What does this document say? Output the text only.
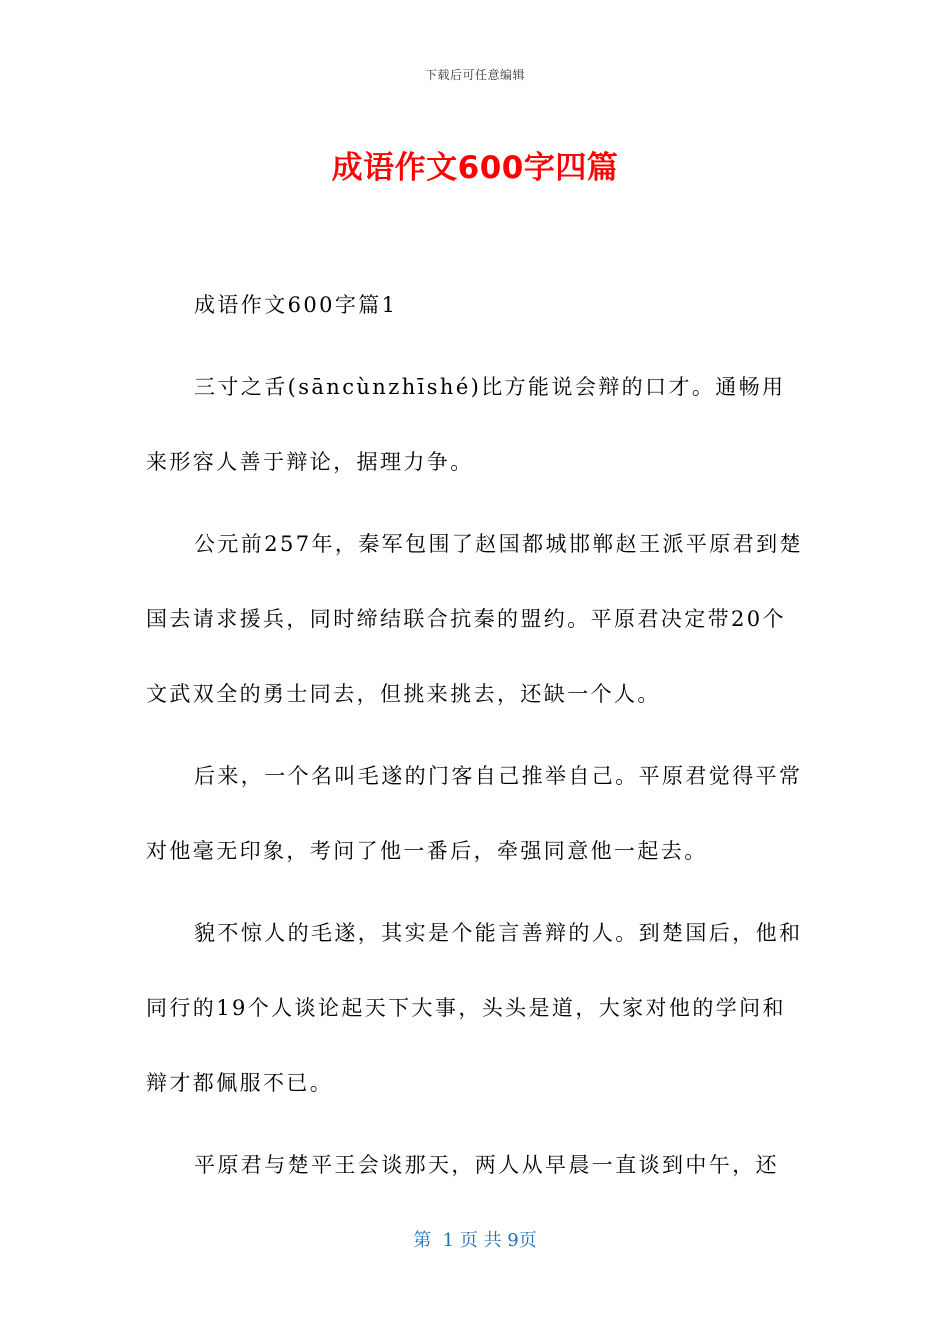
下载后可任意编辑
成语作文600字四篇

成语作文600字篇1

三寸之舌(sāncùnzhīshé)比方能说会辩的口才。通畅用来形容人善于辩论，据理力争。

公元前257年，秦军包围了赵国都城邯郸赵王派平原君到楚国去请求援兵，同时缔结联合抗秦的盟约。平原君决定带20个文武双全的勇士同去，但挑来挑去，还缺一个人。

后来，一个名叫毛遂的门客自己推举自己。平原君觉得平常对他毫无印象，考问了他一番后，牵强同意他一起去。

貌不惊人的毛遂，其实是个能言善辩的人。到楚国后，他和同行的19个人谈论起天下大事，头头是道，大家对他的学问和辩才都佩服不已。

平原君与楚平王会谈那天，两人从早晨一直谈到中午，还

第  1 页 共 9页
